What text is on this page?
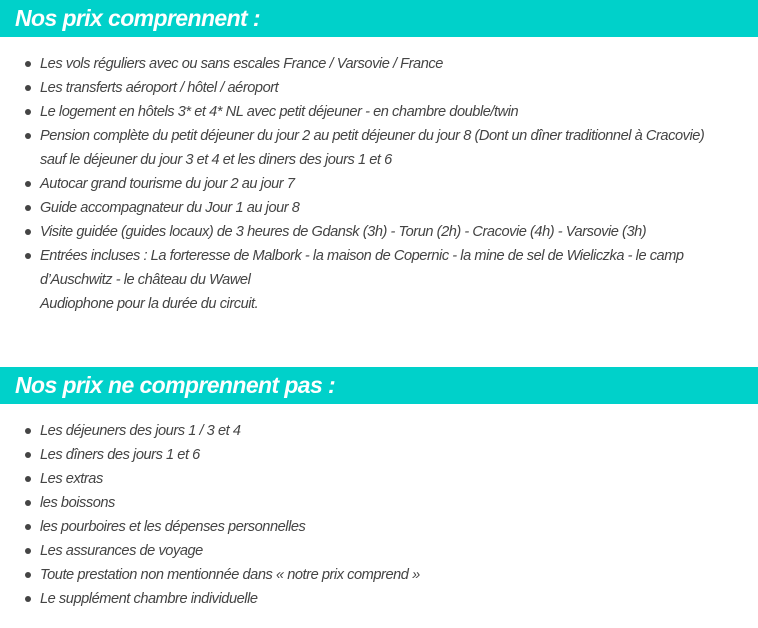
Nos prix comprennent :
Les vols réguliers avec ou sans escales France / Varsovie / France
Les transferts aéroport / hôtel / aéroport
Le logement en hôtels 3* et 4* NL avec petit déjeuner - en chambre double/twin
Pension complète du petit déjeuner du jour 2 au petit déjeuner du jour 8 (Dont un dîner traditionnel à Cracovie)
sauf le déjeuner du jour 3 et 4 et les diners des jours 1 et 6
Autocar grand tourisme du jour 2 au jour 7
Guide accompagnateur du Jour 1 au jour 8
Visite guidée (guides locaux) de 3 heures de Gdansk (3h) - Torun (2h) - Cracovie (4h) - Varsovie (3h)
Entrées incluses : La forteresse de Malbork - la maison de Copernic - la mine de sel de Wieliczka - le camp
d’Auschwitz - le château du Wawel
Audiophone pour la durée du circuit.
Nos prix ne comprennent pas :
Les déjeuners des jours 1 / 3 et 4
Les dîners des jours 1 et 6
Les extras
les boissons
les pourboires et les dépenses personnelles
Les assurances de voyage
Toute prestation non mentionnée dans « notre prix comprend »
Le supplément chambre individuelle
